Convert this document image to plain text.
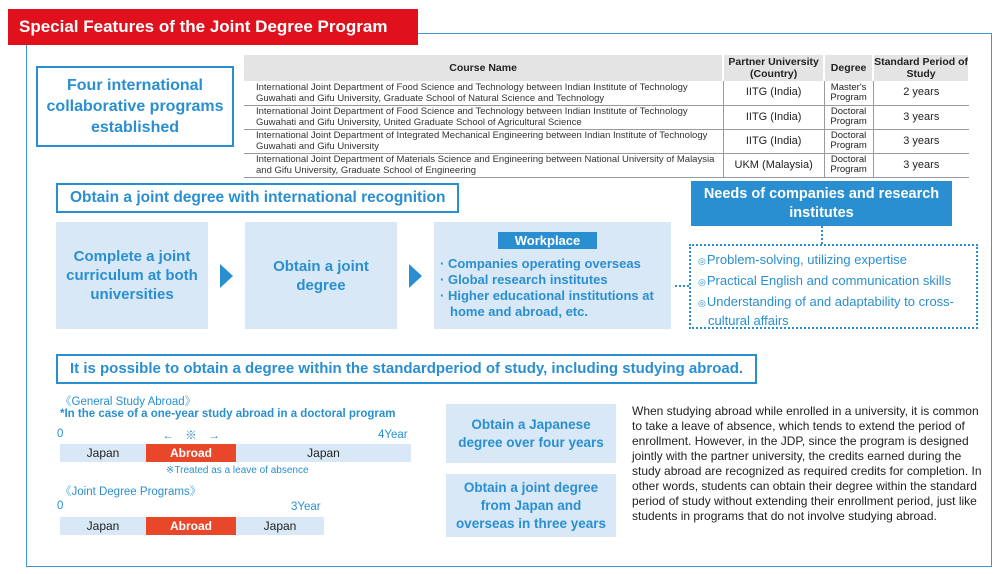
Special Features of the Joint Degree Program
Four international collaborative programs established
Course Name	Partner University (Country)	Degree	Standard Period of Study
International Joint Department of Food Science and Technology between Indian Institute of Technology Guwahati and Gifu University, Graduate School of Natural Science and Technology	IITG (India)	Master's Program	2 years
International Joint Department of Food Science and Technology between Indian Institute of Technology Guwahati and Gifu University, United Graduate School of Agricultural Science	IITG (India)	Doctoral Program	3 years
International Joint Department of Integrated Mechanical Engineering between Indian Institute of Technology Guwahati and Gifu University	IITG (India)	Doctoral Program	3 years
International Joint Department of Materials Science and Engineering between National University of Malaysia and Gifu University, Graduate School of Engineering	UKM (Malaysia)	Doctoral Program	3 years
Obtain a joint degree with international recognition
Complete a joint curriculum at both universities
Obtain a joint degree
Workplace
· Companies operating overseas
· Global research institutes
· Higher educational institutions at home and abroad, etc.
Needs of companies and research institutes
◎Problem-solving, utilizing expertise
◎Practical English and communication skills
◎Understanding of and adaptability to cross-cultural affairs
It is possible to obtain a degree within the standardperiod of study, including studying abroad.
《General Study Abroad》
*In the case of a one-year study abroad in a doctoral program
0	←　※　→	4Year
Japan	Abroad	Japan
※Treated as a leave of absence
《Joint Degree Programs》
0	3Year
Japan	Abroad	Japan
Obtain a Japanese degree over four years
Obtain a joint degree from Japan and overseas in three years
When studying abroad while enrolled in a university, it is common to take a leave of absence, which tends to extend the period of enrollment. However, in the JDP, since the program is designed jointly with the partner university, the credits earned during the study abroad are recognized as required credits for completion. In other words, students can obtain their degree within the standard period of study without extending their enrollment period, just like students in programs that do not involve studying abroad.
